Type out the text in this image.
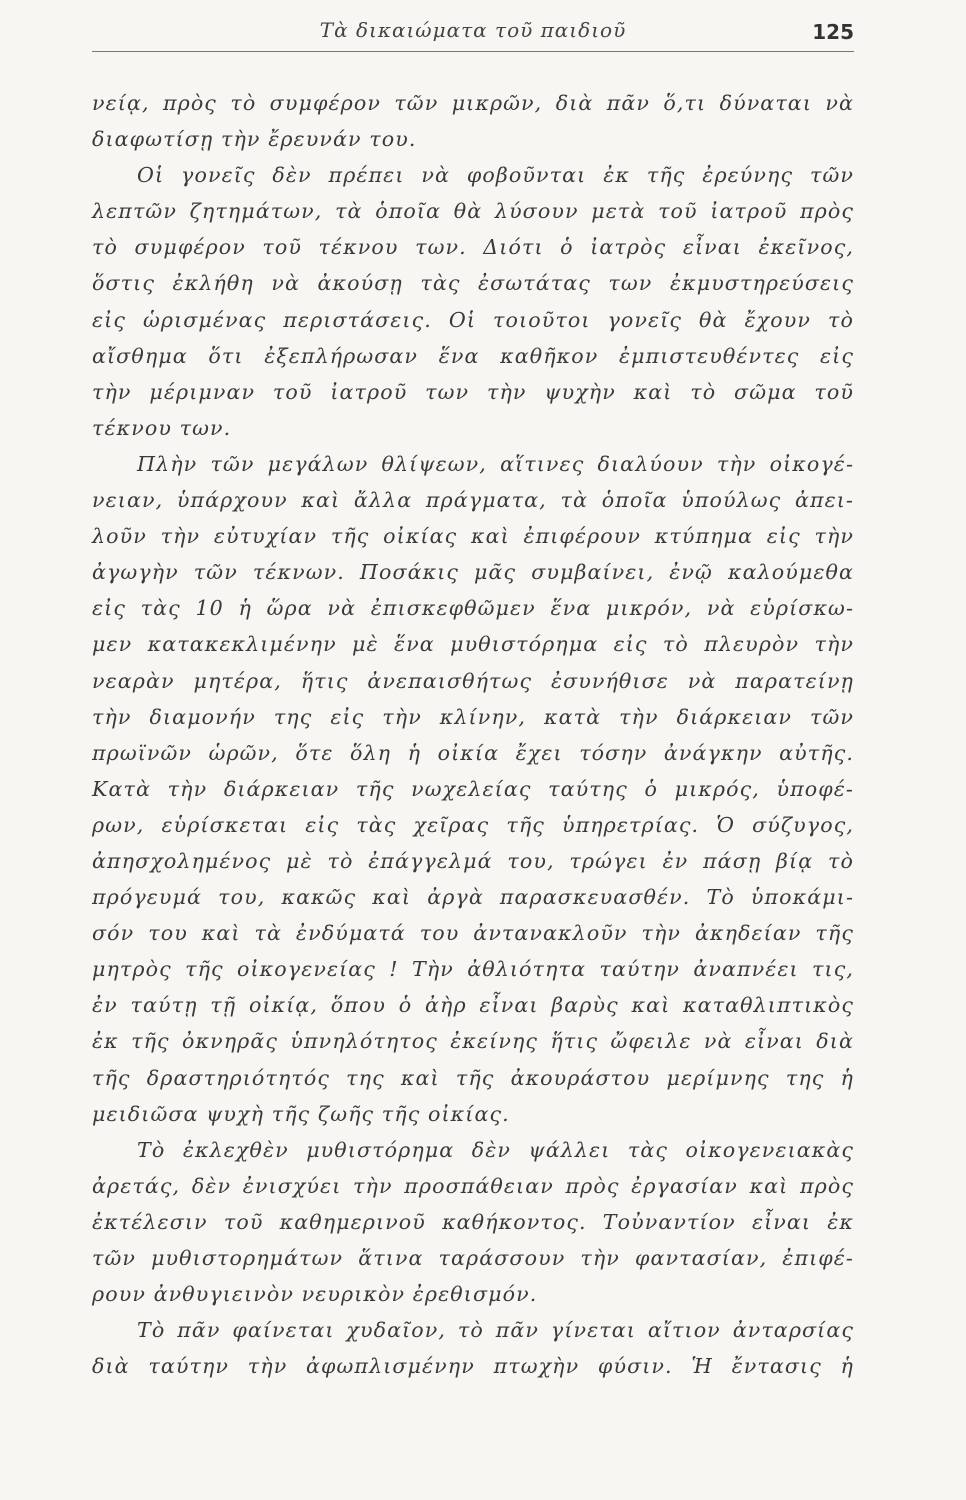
Τὰ δικαιώματα τοῦ παιδιοῦ	125
νείᾳ, πρὸς τὸ συμφέρον τῶν μικρῶν, διὰ πᾶν ὅ,τι δύναται νὰ
διαφωτίσῃ τὴν ἔρευνάν του.
Οἱ γονεῖς δὲν πρέπει νὰ φοβοῦνται ἐκ τῆς ἐρεύνης τῶν
λεπτῶν ζητημάτων, τὰ ὁποῖα θὰ λύσουν μετὰ τοῦ ἰατροῦ πρὸς
τὸ συμφέρον τοῦ τέκνου των. Διότι ὁ ἰατρὸς εἶναι ἐκεῖνος,
ὅστις ἐκλήθη νὰ ἀκούσῃ τὰς ἐσωτάτας των ἐκμυστηρεύσεις
εἰς ὡρισμένας περιστάσεις. Οἱ τοιοῦτοι γονεῖς θὰ ἔχουν τὸ
αἴσθημα ὅτι ἐξεπλήρωσαν ἕνα καθῆκον ἐμπιστευθέντες εἰς
τὴν μέριμναν τοῦ ἰατροῦ των τὴν ψυχὴν καὶ τὸ σῶμα τοῦ
τέκνου των.
Πλὴν τῶν μεγάλων θλίψεων, αἵτινες διαλύουν τὴν οἰκογέ-
νειαν, ὑπάρχουν καὶ ἄλλα πράγματα, τὰ ὁποῖα ὑπούλως ἀπει-
λοῦν τὴν εὐτυχίαν τῆς οἰκίας καὶ ἐπιφέρουν κτύπημα εἰς τὴν
ἀγωγὴν τῶν τέκνων. Ποσάκις μᾶς συμβαίνει, ἐνῷ καλούμεθα
εἰς τὰς 10 ἡ ὥρα νὰ ἐπισκεφθῶμεν ἕνα μικρόν, νὰ εὑρίσκω-
μεν κατακεκλιμένην μὲ ἕνα μυθιστόρημα εἰς τὸ πλευρὸν τὴν
νεαρὰν μητέρα, ἥτις ἀνεπαισθήτως ἐσυνήθισε νὰ παρατείνῃ
τὴν διαμονήν της εἰς τὴν κλίνην, κατὰ τὴν διάρκειαν τῶν
πρωϊνῶν ὡρῶν, ὅτε ὅλη ἡ οἰκία ἔχει τόσην ἀνάγκην αὐτῆς.
Κατὰ τὴν διάρκειαν τῆς νωχελείας ταύτης ὁ μικρός, ὑποφέ-
ρων, εὑρίσκεται εἰς τὰς χεῖρας τῆς ὑπηρετρίας. Ὁ σύζυγος,
ἀπησχολημένος μὲ τὸ ἐπάγγελμά του, τρώγει ἐν πάσῃ βίᾳ τὸ
πρόγευμά του, κακῶς καὶ ἀργὰ παρασκευασθέν. Τὸ ὑποκάμι-
σόν του καὶ τὰ ἐνδύματά του ἀντανακλοῦν τὴν ἀκηδείαν τῆς
μητρὸς τῆς οἰκογενείας ! Τὴν ἀθλιότητα ταύτην ἀναπνέει τις,
ἐν ταύτῃ τῇ οἰκίᾳ, ὅπου ὁ ἀὴρ εἶναι βαρὺς καὶ καταθλιπτικὸς
ἐκ τῆς ὀκνηρᾶς ὑπνηλότητος ἐκείνης ἥτις ὤφειλε νὰ εἶναι διὰ
τῆς δραστηριότητός της καὶ τῆς ἀκουράστου μερίμνης της ἡ
μειδιῶσα ψυχὴ τῆς ζωῆς τῆς οἰκίας.
Τὸ ἐκλεχθὲν μυθιστόρημα δὲν ψάλλει τὰς οἰκογενειακὰς
ἀρετάς, δὲν ἐνισχύει τὴν προσπάθειαν πρὸς ἐργασίαν καὶ πρὸς
ἐκτέλεσιν τοῦ καθημερινοῦ καθήκοντος. Τοὐναντίον εἶναι ἐκ
τῶν μυθιστορημάτων ἅτινα ταράσσουν τὴν φαντασίαν, ἐπιφέ-
ρουν ἀνθυγιεινὸν νευρικὸν ἐρεθισμόν.
Τὸ πᾶν φαίνεται χυδαῖον, τὸ πᾶν γίνεται αἴτιον ἀνταρσίας
διὰ ταύτην τὴν ἀφωπλισμένην πτωχὴν φύσιν. Ἡ ἔντασις ἡ
